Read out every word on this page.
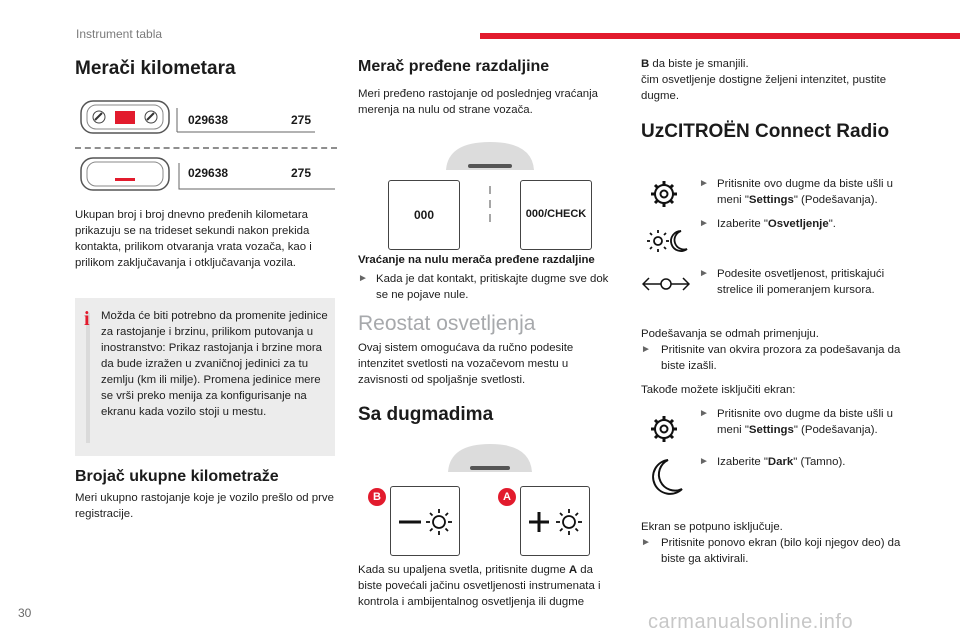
Instrument tabla
Merači kilometara
029638	275
029638	275
Ukupan broj i broj dnevno pređenih kilometara prikazuju se na trideset sekundi nakon prekida kontakta, prilikom otvaranja vrata vozača, kao i prilikom zaključavanja i otključavanja vozila.
i Možda će biti potrebno da promenite jedinice za rastojanje i brzinu, prilikom putovanja u inostranstvo: Prikaz rastojanja i brzine mora da bude izražen u zvaničnoj jedinici za tu zemlju (km ili milje). Promena jedinice mere se vrši preko menija za konfigurisanje na ekranu kada vozilo stoji u mestu.
Brojač ukupne kilometraže
Meri ukupno rastojanje koje je vozilo prešlo od prve registracije.
Merač pređene razdaljine
Meri pređeno rastojanje od poslednjeg vraćanja merenja na nulu od strane vozača.
000	000/CHECK
Vraćanje na nulu merača pređene razdaljine
► Kada je dat kontakt, pritiskajte dugme sve dok se ne pojave nule.
Reostat osvetljenja
Ovaj sistem omogućava da ručno podesite intenzitet svetlosti na vozačevom mestu u zavisnosti od spoljašnje svetlosti.
Sa dugmadima
B	A
Kada su upaljena svetla, pritisnite dugme A da biste povećali jačinu osvetljenosti instrumenata i kontrola i ambijentalnog osvetljenja ili dugme
B da biste je smanjili.
čim osvetljenje dostigne željeni intenzitet, pustite dugme.
UzCITROËN Connect Radio
► Pritisnite ovo dugme da biste ušli u meni "Settings" (Podešavanja).
► Izaberite "Osvetljenje".
► Podesite osvetljenost, pritiskajući strelice ili pomeranjem kursora.
Podešavanja se odmah primenjuju.
► Pritisnite van okvira prozora za podešavanja da biste izašli.
Takođe možete isključiti ekran:
► Pritisnite ovo dugme da biste ušli u meni "Settings" (Podešavanja).
► Izaberite "Dark" (Tamno).
Ekran se potpuno isključuje.
► Pritisnite ponovo ekran (bilo koji njegov deo) da biste ga aktivirali.
30	carmanualsonline.info
